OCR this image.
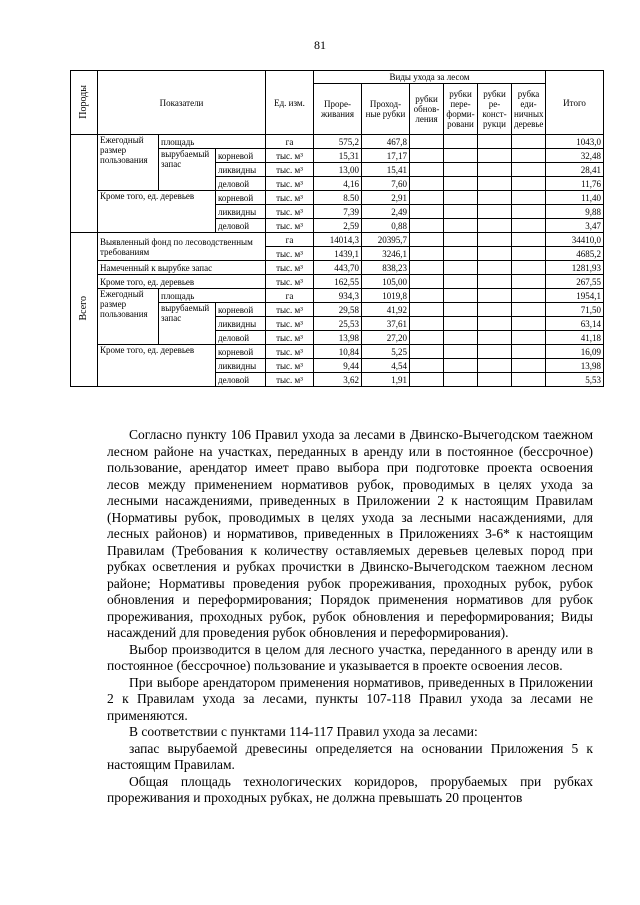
81
Породы	Показатели			Ед. изм.	Виды ухода за лесом						Итого
					Проре-живания	Проход-ные рубки	рубки обнов-ления	рубки пере-форми-ровани	рубки ре-конст-рукци	рубка еди-ничных деревье	
	Ежегодный размер пользования	площадь		га	575,2	467,8					1043,0
		вырубаемый запас	корневой	тыс. м³	15,31	17,17					32,48
			ликвидны	тыс. м³	13,00	15,41					28,41
			деловой	тыс. м³	4,16	7,60					11,76
	Кроме того, ед. деревьев		корневой	тыс. м³	8.50	2,91					11,40
			ликвидны	тыс. м³	7,39	2,49					9,88
			деловой	тыс. м³	2,59	0,88					3,47
Всего	Выявленный фонд по лесоводственным требованиям			га	14014,3	20395,7					34410,0
				тыс. м³	1439,1	3246,1					4685,2
	Намеченный к вырубке запас			тыс. м³	443,70	838,23					1281,93
	Кроме того, ед. деревьев			тыс. м³	162,55	105,00					267,55
	Ежегодный размер пользования	площадь		га	934,3	1019,8					1954,1
		вырубаемый запас	корневой	тыс. м³	29,58	41,92					71,50
			ликвидны	тыс. м³	25,53	37,61					63,14
			деловой	тыс. м³	13,98	27,20					41,18
	Кроме того, ед. деревьев		корневой	тыс. м³	10,84	5,25					16,09
			ликвидны	тыс. м³	9,44	4,54					13,98
			деловой	тыс. м³	3,62	1,91					5,53

Согласно пункту 106 Правил ухода за лесами в Двинско-Вычегодском таежном лесном районе на участках, переданных в аренду или в постоянное (бессрочное) пользование, арендатор имеет право выбора при подготовке проекта освоения лесов между применением нормативов рубок, проводимых в целях ухода за лесными насаждениями, приведенных в Приложении 2 к настоящим Правилам (Нормативы рубок, проводимых в целях ухода за лесными насаждениями, для лесных районов) и нормативов, приведенных в Приложениях 3-6* к настоящим Правилам (Требования к количеству оставляемых деревьев целевых пород при рубках осветления и рубках прочистки в Двинско-Вычегодском таежном лесном районе; Нормативы проведения рубок прореживания, проходных рубок, рубок обновления и переформирования; Порядок применения нормативов для рубок прореживания, проходных рубок, рубок обновления и переформирования; Виды насаждений для проведения рубок обновления и переформирования).

Выбор производится в целом для лесного участка, переданного в аренду или в постоянное (бессрочное) пользование и указывается в проекте освоения лесов.

При выборе арендатором применения нормативов, приведенных в Приложении 2 к Правилам ухода за лесами, пункты 107-118 Правил ухода за лесами не применяются.

В соответствии с пунктами 114-117 Правил ухода за лесами:

запас вырубаемой древесины определяется на основании Приложения 5 к настоящим Правилам.

Общая площадь технологических коридоров, прорубаемых при рубках прореживания и проходных рубках, не должна превышать 20 процентов
